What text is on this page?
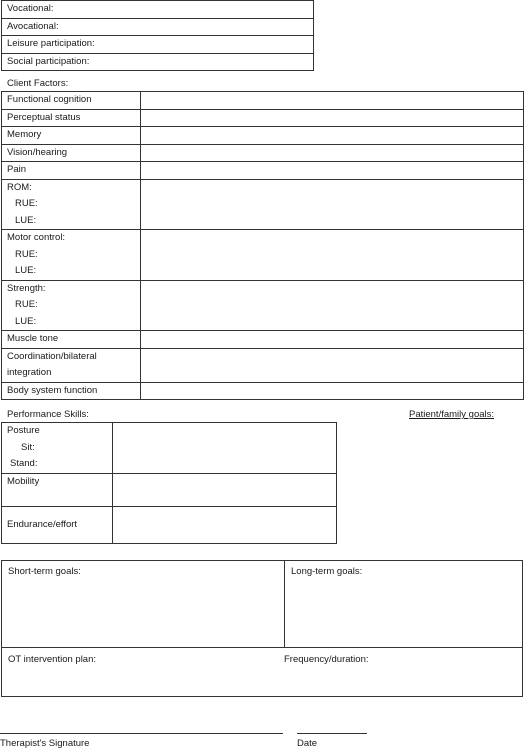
Vocational:
Avocational:
Leisure participation:
Social participation:
Client Factors:
Functional cognition	
Perceptual status	
Memory	
Vision/hearing	
Pain	

ROM:
RUE:
LUE:	

Motor control:
RUE:
LUE:	

Strength:
RUE:
LUE:	

Muscle tone	

Coordination/bilateral
integration	

Body system function	
Performance Skills:	Patient/family goals:
Posture
Sit:
Stand:	

Mobility	
Endurance/effort	
Short-term goals:	Long-term goals:
OT intervention plan:	Frequency/duration:
Therapist's Signature	Date
